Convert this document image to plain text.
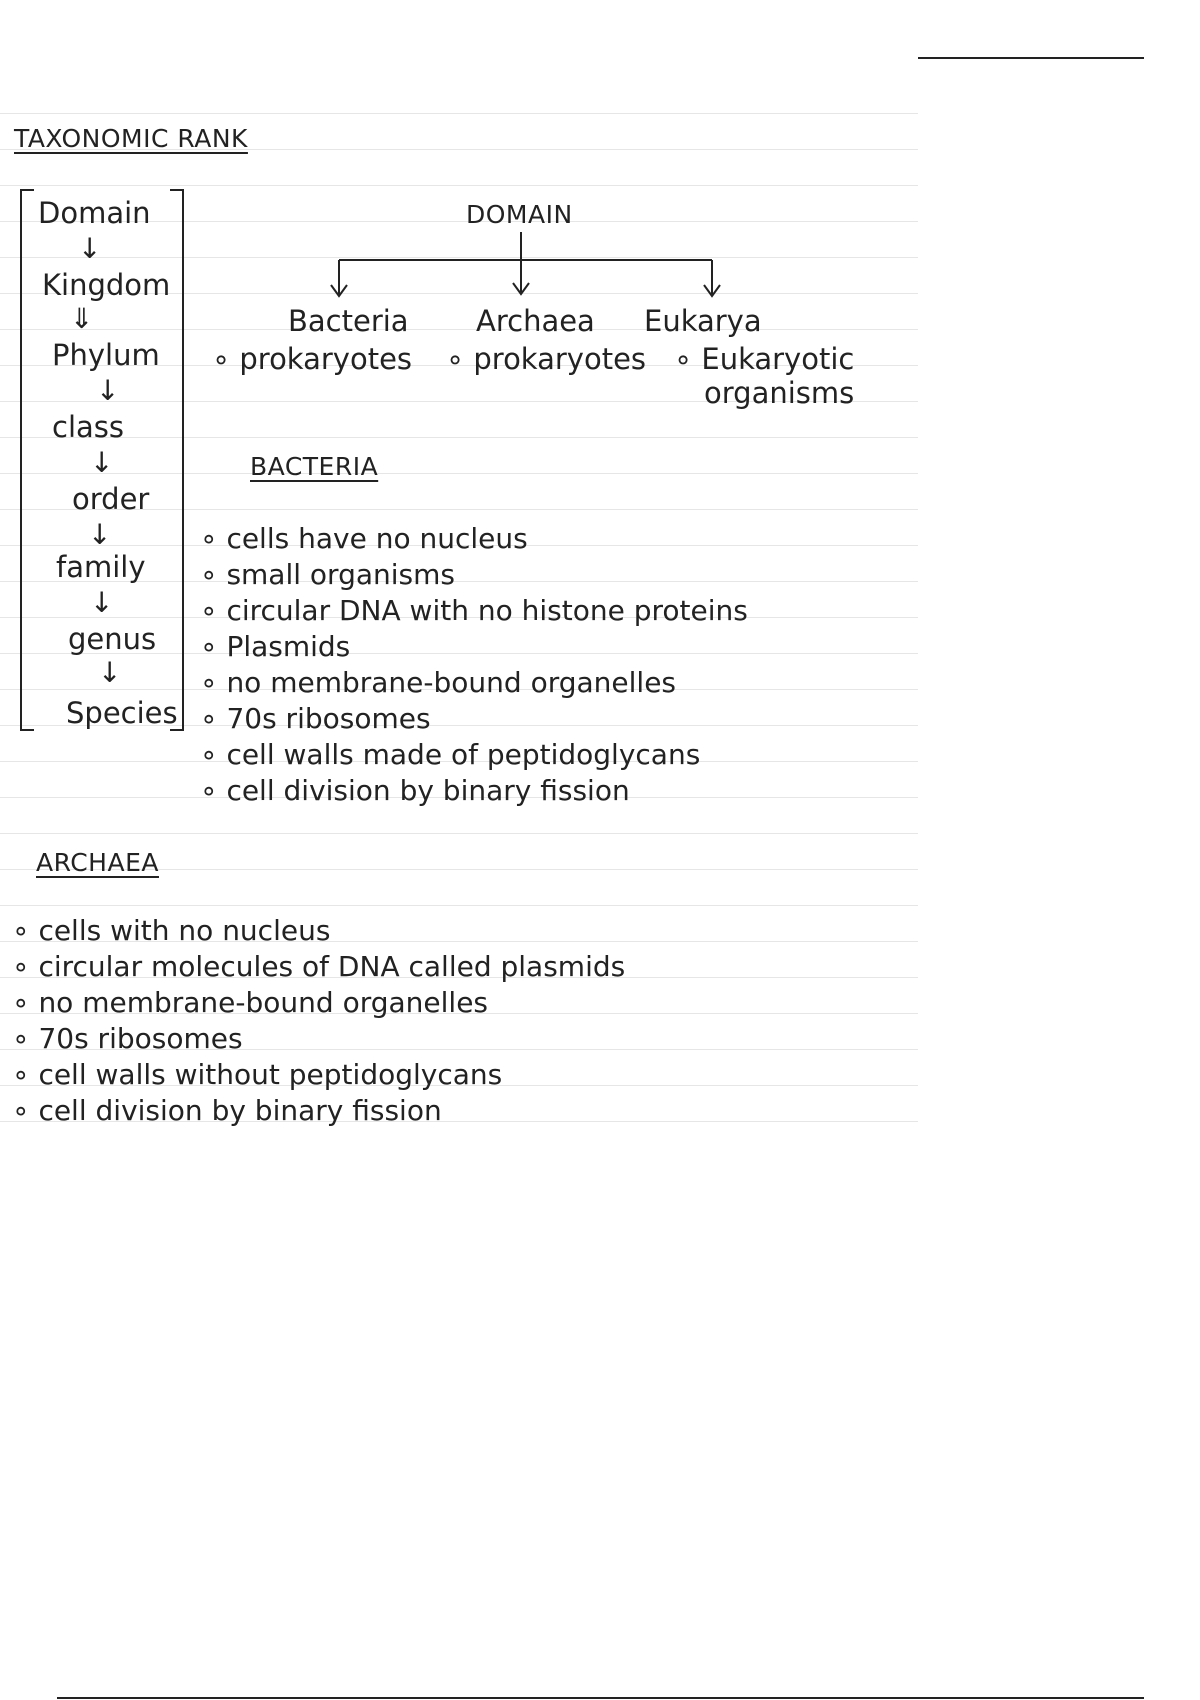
TAXONOMIC RANK
Domain
↓
Kingdom
⇓
Phylum
↓
class
↓
order
↓
family
↓
genus
↓
Species
DOMAIN
Bacteria
∘ prokaryotes
Archaea
∘ prokaryotes
Eukarya
∘ Eukaryotic
organisms
BACTERIA
∘ cells have no nucleus
∘ small organisms
∘ circular DNA with no histone proteins
∘ Plasmids
∘ no membrane-bound organelles
∘ 70s ribosomes
∘ cell walls made of peptidoglycans
∘ cell division by binary fission
ARCHAEA
∘ cells with no nucleus
∘ circular molecules of DNA called plasmids
∘ no membrane-bound organelles
∘ 70s ribosomes
∘ cell walls without peptidoglycans
∘ cell division by binary fission
